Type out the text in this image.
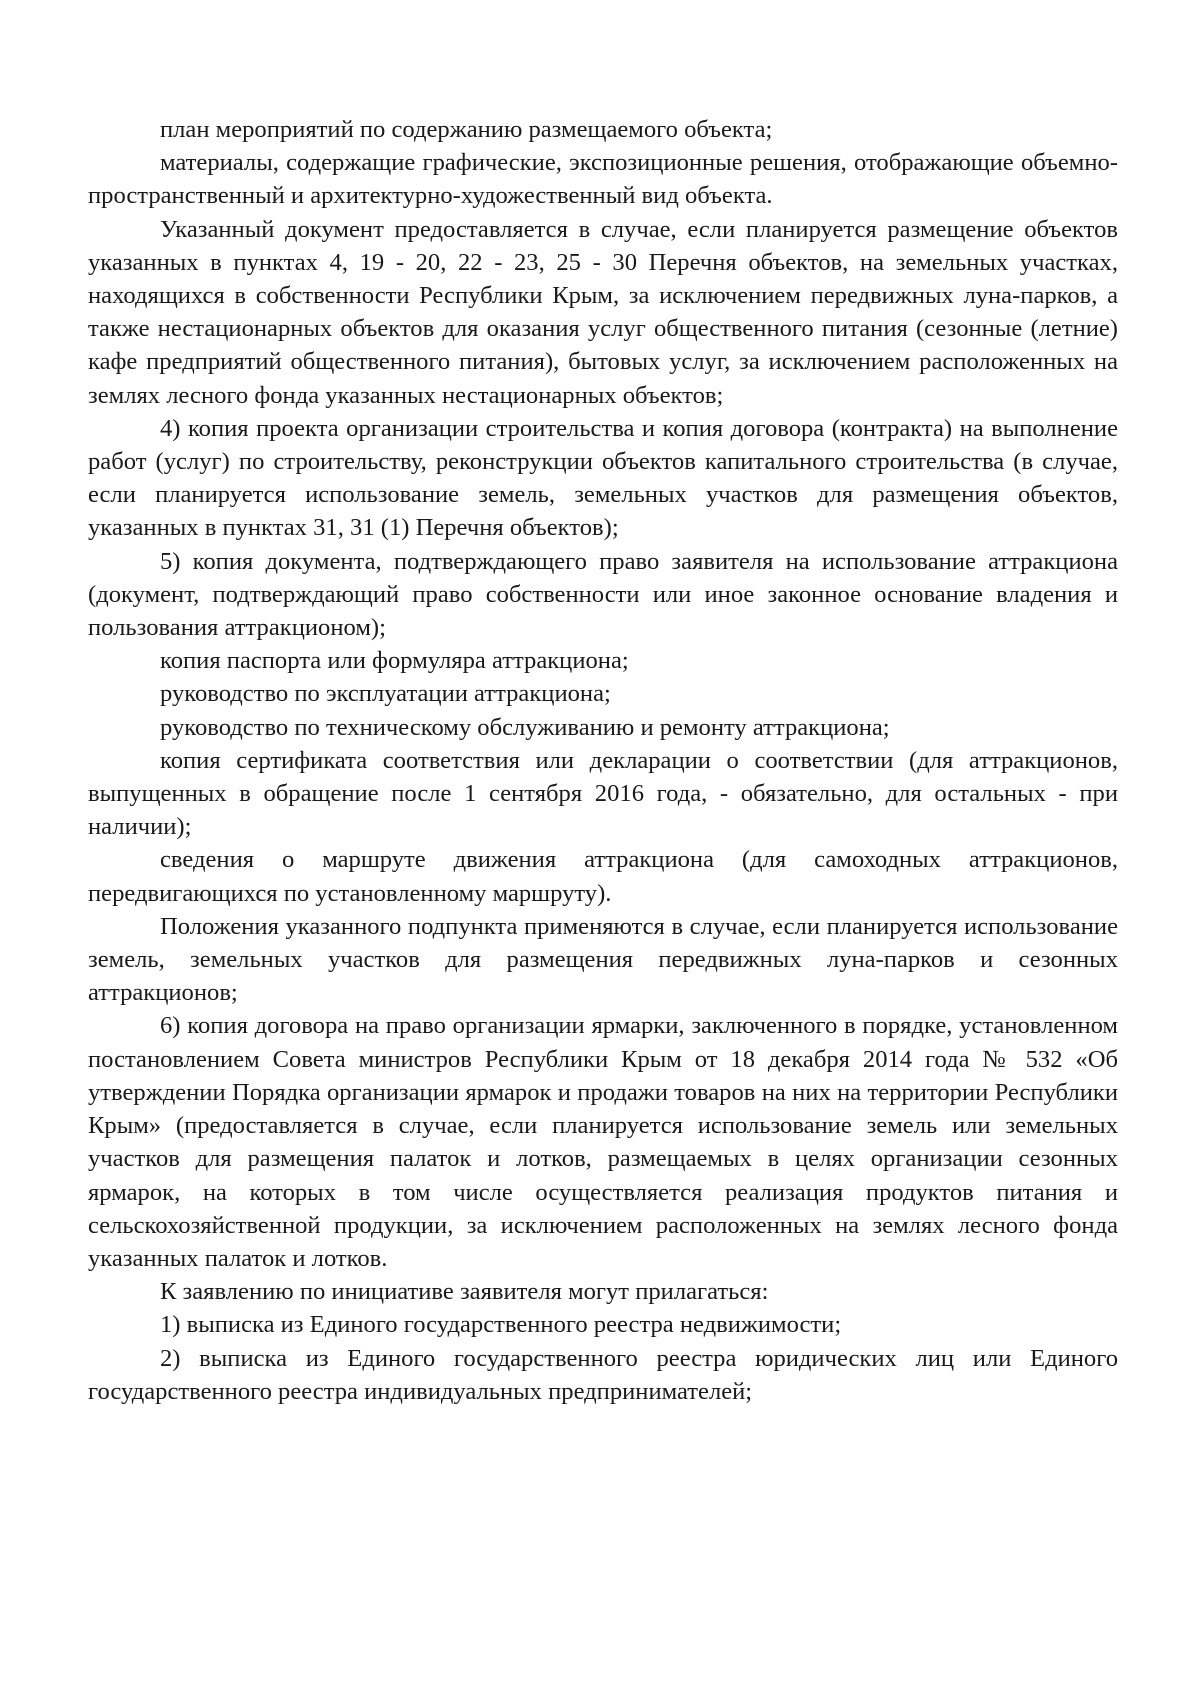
план мероприятий по содержанию размещаемого объекта;

материалы, содержащие графические, экспозиционные решения, отображающие объемно-пространственный и архитектурно-художественный вид объекта.

Указанный документ предоставляется в случае, если планируется размещение объектов указанных в пунктах 4, 19 - 20, 22 - 23, 25 - 30 Перечня объектов, на земельных участках, находящихся в собственности Республики Крым, за исключением передвижных луна-парков, а также нестационарных объектов для оказания услуг общественного питания (сезонные (летние) кафе предприятий общественного питания), бытовых услуг, за исключением расположенных на землях лесного фонда указанных нестационарных объектов;

4) копия проекта организации строительства и копия договора (контракта) на выполнение работ (услуг) по строительству, реконструкции объектов капитального строительства (в случае, если планируется использование земель, земельных участков для размещения объектов, указанных в пунктах 31, 31 (1) Перечня объектов);

5) копия документа, подтверждающего право заявителя на использование аттракциона (документ, подтверждающий право собственности или иное законное основание владения и пользования аттракционом);

копия паспорта или формуляра аттракциона;

руководство по эксплуатации аттракциона;

руководство по техническому обслуживанию и ремонту аттракциона;

копия сертификата соответствия или декларации о соответствии (для аттракционов, выпущенных в обращение после 1 сентября 2016 года, - обязательно, для остальных - при наличии);

сведения о маршруте движения аттракциона (для самоходных аттракционов, передвигающихся по установленному маршруту).

Положения указанного подпункта применяются в случае, если планируется использование земель, земельных участков для размещения передвижных луна-парков и сезонных аттракционов;

6) копия договора на право организации ярмарки, заключенного в порядке, установленном постановлением Совета министров Республики Крым от 18 декабря 2014 года № 532 «Об утверждении Порядка организации ярмарок и продажи товаров на них на территории Республики Крым» (предоставляется в случае, если планируется использование земель или земельных участков для размещения палаток и лотков, размещаемых в целях организации сезонных ярмарок, на которых в том числе осуществляется реализация продуктов питания и сельскохозяйственной продукции, за исключением расположенных на землях лесного фонда указанных палаток и лотков.

К заявлению по инициативе заявителя могут прилагаться:

1) выписка из Единого государственного реестра недвижимости;

2) выписка из Единого государственного реестра юридических лиц или Единого государственного реестра индивидуальных предпринимателей;
